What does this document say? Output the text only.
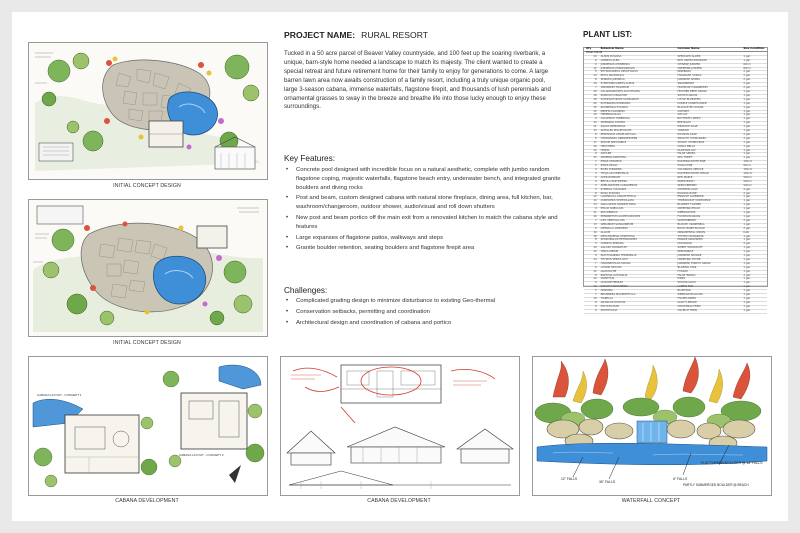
INITIAL CONCEPT DESIGN
INITIAL CONCEPT DESIGN
CABANA LAYOUT - CONCEPT 1
CABANA LAYOUT - CONCEPT 2
CABANA DEVELOPMENT	CABANA DEVELOPMENT
12" FALLS
36" FALLS
6" FALLS
FLAT TOPPED BOULDER @ 18" FALLS
PARTLY SUBMERGED BOULDER @ BEACH
WATERFALL CONCEPT
PROJECT NAME: RURAL RESORT
Tucked in a 50 acre parcel of Beaver Valley countryside, and 100 feet up the soaring riverbank, a unique, barn-style home needed a landscape to match its majesty. The client wanted to create a special retreat and future retirement home for their family to enjoy for generations to come. A large barren lawn area now awaits construction of a family resort, including a truly unique organic pool, large 3-season cabana, immense waterfalls, flagstone firepit, and thousands of lush perennials and ornamental grasses to sway in the breeze and breathe life into those lucky enough to enjoy these surroundings.
Key Features:
• Concrete pool designed with incredible focus on a natural aesthetic, complete with jumbo random flagstone coping, majestic waterfalls, flagstone beach entry, underwater bench, and integrated granite boulders and diving rocks
• Post and beam, custom designed cabana with natural stone fireplace, dining area, full kitchen, bar, washroom/changeroom, outdoor shower, audio/visual and roll down shutters
• New post and beam portico off the main exit from a renovated kitchen to match the cabana style and features
• Large expanses of flagstone patios, walkways and steps
• Granite boulder retention, seating boulders and flagstone firepit area
Challenges:
• Complicated grading design to minimize disturbance to existing Geo-thermal
• Conservation setbacks, permitting and coordination
• Architectural design and coordination of cabana and portico
PLANT LIST:
Qty	Botanical Name	Common Name	Size Condition
Other Plants			
24	ALNUS RUGOSA	SPECKLED ALDER	1 gal.
6	CORNUS ALBA	RED OSIER DOGWOOD	1 gal.
9	JUNIPERUS CHINENSIS	CHINESE JUNIPER	60cm
12	JUNIPERUS HORIZONTALIS	CREEPING JUNIPER	60cm
5	PHYSOCARPUS OPULIFOLIUS	NINEBARK	2 gal.
14	RHUS AROMATICA	FRAGRANT SUMAC	2 gal.
8	SPIRAEA JAPONICA	JAPANESE SPIREA	2 gal.
10	SYMPHORICARPOS ALBUS	SNOWBERRY	2 gal.
7	VIBURNUM TRILOBUM	HIGHBUSH CRANBERRY	2 gal.
20	CALAMAGROSTIS ACUTIFLORA	FEATHER REED GRASS	1 gal.
16	PANICUM VIRGATUM	SWITCH GRASS	1 gal.
18	SCHIZACHYRIUM SCOPARIUM	LITTLE BLUESTEM	1 gal.
22	ECHINACEA PURPUREA	PURPLE CONEFLOWER	1 gal.
15	RUDBECKIA FULGIDA	BLACK-EYED SUSAN	1 gal.
12	NEPETA FAASSENII	CATMINT	1 gal.
10	HEMEROCALLIS	DAYLILY	1 gal.
9	ASCLEPIAS TUBEROSA	BUTTERFLY WEED	1 gal.
14	MONARDA DIDYMA	BEE BALM	1 gal.
11	SALVIA NEMOROSA	MEADOW SAGE	1 gal.
13	ACHILLEA MILLEFOLIUM	YARROW	1 gal.
8	PEROVSKIA ATRIPLICIFOLIA	RUSSIAN SAGE	2 gal.
6	HYDRANGEA ARBORESCENS	SMOOTH HYDRANGEA	2 gal.
17	SEDUM SPECTABILE	SHOWY STONECROP	1 gal.
10	HEUCHERA	CORAL BELLS	1 gal.
12	HOSTA	PLANTAIN LILY	1 gal.
9	ASTILBE	FALSE SPIREA	1 gal.
15	ARMERIA MARITIMA	SEA THRIFT	1 gal.
7	PINUS STROBUS	EASTERN WHITE PINE	150cm
5	PINUS MUGO	MUGO PINE	60cm
4	PICEA PUNGENS	COLORADO SPRUCE	150cm
3	THUJA OCCIDENTALIS	EASTERN WHITE CEDAR	150cm
6	ACER RUBRUM	RED MAPLE	50mm
4	BETULA PAPYRIFERA	PAPER BIRCH	50mm
3	AMELANCHIER CANADENSIS	SERVICEBERRY	50mm
5	SYRINGA VULGARIS	COMMON LILAC	2 gal.
8	ROSA RUGOSA	RUGOSA ROSE	2 gal.
12	LAVANDULA ANGUSTIFOLIA	ENGLISH LAVENDER	1 gal.
10	COREOPSIS VERTICILLATA	THREADLEAF COREOPSIS	1 gal.
14	GAILLARDIA GRANDIFLORA	BLANKET FLOWER	1 gal.
9	PHLOX SUBULATA	CREEPING PHLOX	1 gal.
11	IRIS SIBIRICA	SIBERIAN IRIS	1 gal.
16	PENNISETUM ALOPECUROIDES	FOUNTAIN GRASS	1 gal.
7	ILEX VERTICILLATA	WINTERBERRY	2 gal.
13	GERANIUM SANGUINEUM	BLOODY CRANESBILL	1 gal.
6	DIERVILLA LONICERA	BUSH HONEYSUCKLE	2 gal.
10	ALLIUM	ORNAMENTAL ONION	bulb
18	DESCHAMPSIA CESPITOSA	TUFTED HAIRGRASS	1 gal.
8	SPOROBOLUS HETEROLEPIS	PRAIRIE DROPSEED	1 gal.
5	CORNUS SERICEA	DOGWOOD	2 gal.
10	GALIUM ODORATUM	SWEET WOODRUFF	1 gal.
12	VINCA MINOR	PERIWINKLE	1 gal.
9	PACHYSANDRA TERMINALIS	JAPANESE SPURGE	1 gal.
14	THYMUS SERPYLLUM	CREEPING THYME	1 gal.
7	HAKONECHLOA MACRA	JAPANESE FOREST GRASS	1 gal.
6	LIATRIS SPICATA	BLAZING STAR	1 gal.
11	AGASTACHE	HYSSOP	1 gal.
8	BAPTISIA AUSTRALIS	FALSE INDIGO	2 gal.
10	DIANTHUS	PINKS	1 gal.
9	LEUCANTHEMUM	SHASTA DAISY	1 gal.
12	STACHYS BYZANTINA	LAMB'S EAR	1 gal.
5	AMSONIA	BLUESTAR	1 gal.
7	BRUNNERA MACROPHYLLA	SIBERIAN BUGLOSS	1 gal.
10	TIARELLA	FOAMFLOWER	1 gal.
8	ARUNCUS DIOICUS	GOAT'S BEARD	1 gal.
6	POLYSTICHUM	CHRISTMAS FERN	1 gal.
9	MATTEUCCIA	OSTRICH FERN	1 gal.
